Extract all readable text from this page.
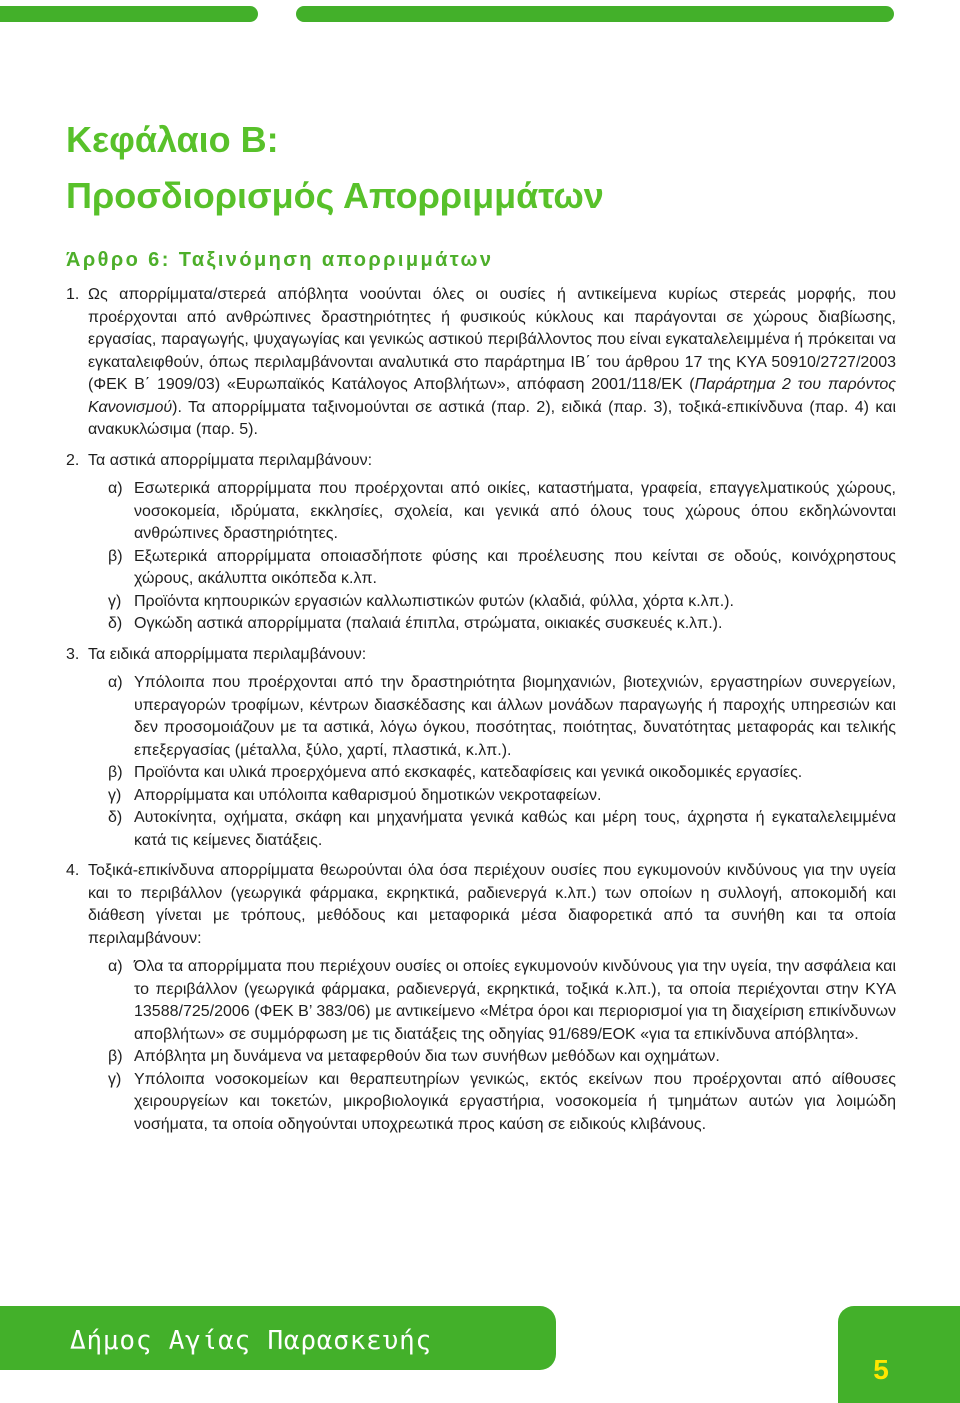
Κεφάλαιο Β:
Προσδιορισμός Απορριμμάτων
Άρθρο 6: Ταξινόμηση απορριμμάτων
1. Ως απορρίμματα/στερεά απόβλητα νοούνται όλες οι ουσίες ή αντικείμενα κυρίως στερεάς μορφής, που προέρχονται από ανθρώπινες δραστηριότητες ή φυσικούς κύκλους και παράγονται σε χώρους διαβίωσης, εργασίας, παραγωγής, ψυχαγωγίας και γενικώς αστικού περιβάλλοντος που είναι εγκαταλελειμμένα ή πρόκειται να εγκαταλειφθούν, όπως περιλαμβάνονται αναλυτικά στο παράρτημα ΙΒ΄ του άρθρου 17 της ΚΥΑ 50910/2727/2003 (ΦΕΚ Β΄ 1909/03) «Ευρωπαϊκός Κατάλογος Αποβλήτων», απόφαση 2001/118/ΕΚ (Παράρτημα 2 του παρόντος Κανονισμού). Τα απορρίμματα ταξινομούνται σε αστικά (παρ. 2), ειδικά (παρ. 3), τοξικά-επικίνδυνα (παρ. 4) και ανακυκλώσιμα (παρ. 5).
2. Τα αστικά απορρίμματα περιλαμβάνουν:
α) Εσωτερικά απορρίμματα που προέρχονται από οικίες, καταστήματα, γραφεία, επαγγελματικούς χώρους, νοσοκομεία, ιδρύματα, εκκλησίες, σχολεία, και γενικά από όλους τους χώρους όπου εκδηλώνονται ανθρώπινες δραστηριότητες.
β) Εξωτερικά απορρίμματα οποιασδήποτε φύσης και προέλευσης που κείνται σε οδούς, κοινόχρηστους χώρους, ακάλυπτα οικόπεδα κ.λπ.
γ) Προϊόντα κηπουρικών εργασιών καλλωπιστικών φυτών (κλαδιά, φύλλα, χόρτα κ.λπ.).
δ) Ογκώδη αστικά απορρίμματα (παλαιά έπιπλα, στρώματα, οικιακές συσκευές κ.λπ.).
3. Τα ειδικά απορρίμματα περιλαμβάνουν:
α) Υπόλοιπα που προέρχονται από την δραστηριότητα βιομηχανιών, βιοτεχνιών, εργαστηρίων συνεργείων, υπεραγορών τροφίμων, κέντρων διασκέδασης και άλλων μονάδων παραγωγής ή παροχής υπηρεσιών και δεν προσομοιάζουν με τα αστικά, λόγω όγκου, ποσότητας, ποιότητας, δυνατότητας μεταφοράς και τελικής επεξεργασίας (μέταλλα, ξύλο, χαρτί, πλαστικά, κ.λπ.).
β) Προϊόντα και υλικά προερχόμενα από εκσκαφές, κατεδαφίσεις και γενικά οικοδομικές εργασίες.
γ) Απορρίμματα και υπόλοιπα καθαρισμού δημοτικών νεκροταφείων.
δ) Αυτοκίνητα, οχήματα, σκάφη και μηχανήματα γενικά καθώς και μέρη τους, άχρηστα ή εγκαταλελειμμένα κατά τις κείμενες διατάξεις.
4. Τοξικά-επικίνδυνα απορρίμματα θεωρούνται όλα όσα περιέχουν ουσίες που εγκυμονούν κινδύνους για την υγεία και το περιβάλλον (γεωργικά φάρμακα, εκρηκτικά, ραδιενεργά κ.λπ.) των οποίων η συλλογή, αποκομιδή και διάθεση γίνεται με τρόπους, μεθόδους και μεταφορικά μέσα διαφορετικά από τα συνήθη και τα οποία περιλαμβάνουν:
α) Όλα τα απορρίμματα που περιέχουν ουσίες οι οποίες εγκυμονούν κινδύνους για την υγεία, την ασφάλεια και το περιβάλλον (γεωργικά φάρμακα, ραδιενεργά, εκρηκτικά, τοξικά κ.λπ.), τα οποία περιέχονται στην ΚΥΑ 13588/725/2006 (ΦΕΚ Β’ 383/06) με αντικείμενο «Μέτρα όροι και περιορισμοί για τη διαχείριση επικίνδυνων αποβλήτων» σε συμμόρφωση με τις διατάξεις της οδηγίας 91/689/ΕΟΚ «για τα επικίνδυνα απόβλητα».
β) Απόβλητα μη δυνάμενα να μεταφερθούν δια των συνήθων μεθόδων και οχημάτων.
γ) Υπόλοιπα νοσοκομείων και θεραπευτηρίων γενικώς, εκτός εκείνων που προέρχονται από αίθουσες χειρουργείων και τοκετών, μικροβιολογικά εργαστήρια, νοσοκομεία ή τμημάτων αυτών για λοιμώδη νοσήματα, τα οποία οδηγούνται υποχρεωτικά προς καύση σε ειδικούς κλιβάνους.

Δήμος Αγίας Παρασκευής

5
